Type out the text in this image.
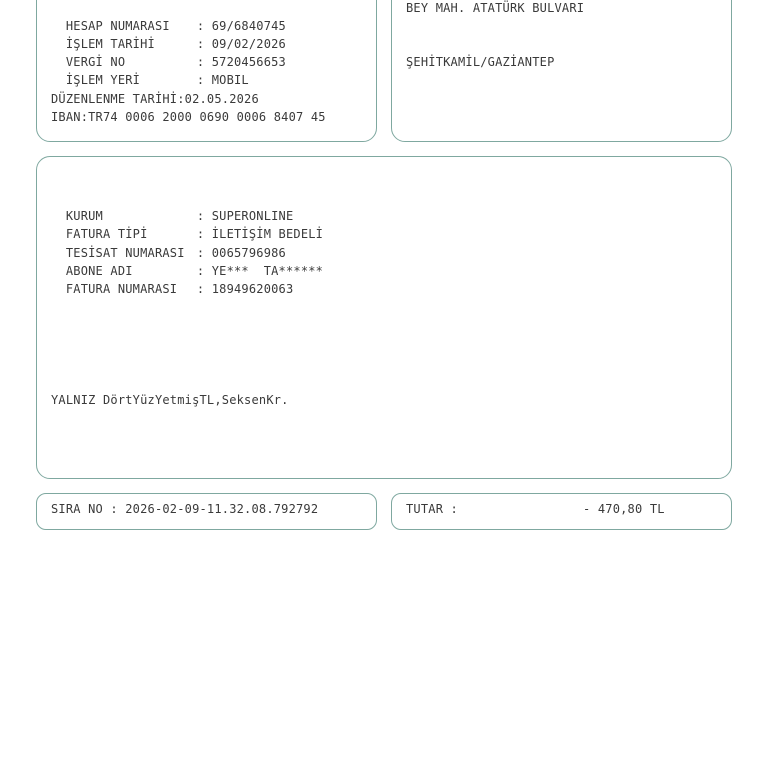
HESAP NUMARASI : 69/6840745

İŞLEM TARİHİ	: 09/02/2026

VERGİ NO	: 5720456653

İŞLEM YERİ	: MOBIL

DÜZENLENME TARİHİ:02.05.2026
IBAN:TR74 0006 2000 0690 0006 8407 45
BEY MAH. ATATÜRK BULVARI
ŞEHİTKAMİL/GAZİANTEP

KURUM	: SUPERONLINE

FATURA TİPİ	: İLETİŞİM BEDELİ

TESİSAT NUMARASI : 0065796986

ABONE ADI	: YE***  TA******

FATURA NUMARASI : 18949620063

YALNIZ DörtYüzYetmişTL,SeksenKr.
SIRA NO : 2026-02-09-11.32.08.792792	TUTAR :	- 470,80 TL
